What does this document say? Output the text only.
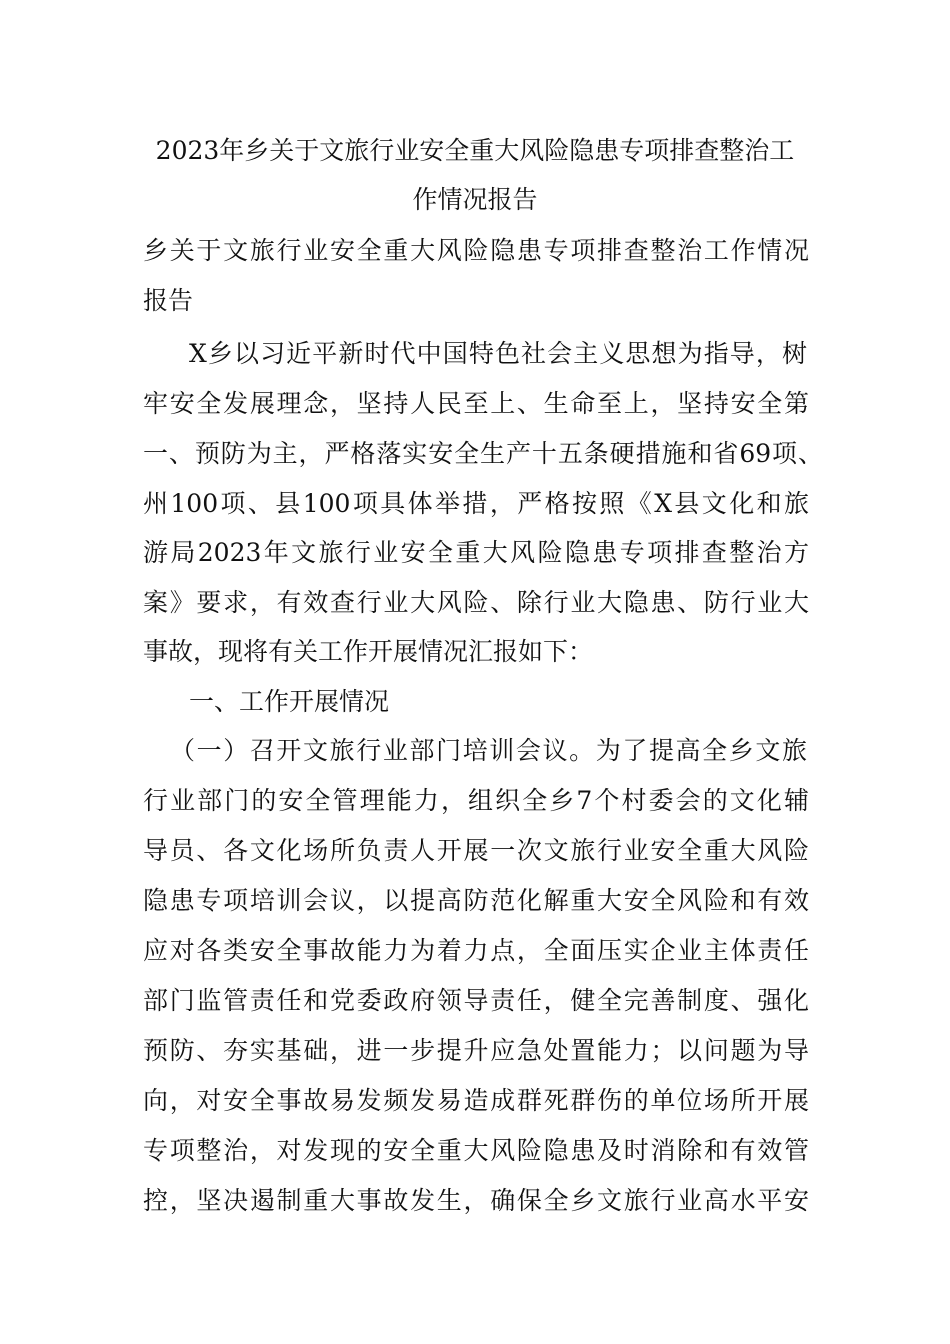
2023年乡关于文旅行业安全重大风险隐患专项排查整治工
作情况报告
乡关于文旅行业安全重大风险隐患专项排查整治工作情况
报告
X乡以习近平新时代中国特色社会主义思想为指导，树
牢安全发展理念，坚持人民至上、生命至上，坚持安全第
一、预防为主，严格落实安全生产十五条硬措施和省69项、
州100项、县100项具体举措，严格按照《X县文化和旅
游局2023年文旅行业安全重大风险隐患专项排查整治方
案》要求，有效查行业大风险、除行业大隐患、防行业大
事故，现将有关工作开展情况汇报如下：
一、工作开展情况
（一）召开文旅行业部门培训会议。为了提高全乡文旅
行业部门的安全管理能力，组织全乡7个村委会的文化辅
导员、各文化场所负责人开展一次文旅行业安全重大风险
隐患专项培训会议，以提高防范化解重大安全风险和有效
应对各类安全事故能力为着力点，全面压实企业主体责任
部门监管责任和党委政府领导责任，健全完善制度、强化
预防、夯实基础，进一步提升应急处置能力；以问题为导
向，对安全事故易发频发易造成群死群伤的单位场所开展
专项整治，对发现的安全重大风险隐患及时消除和有效管
控，坚决遏制重大事故发生，确保全乡文旅行业高水平安
